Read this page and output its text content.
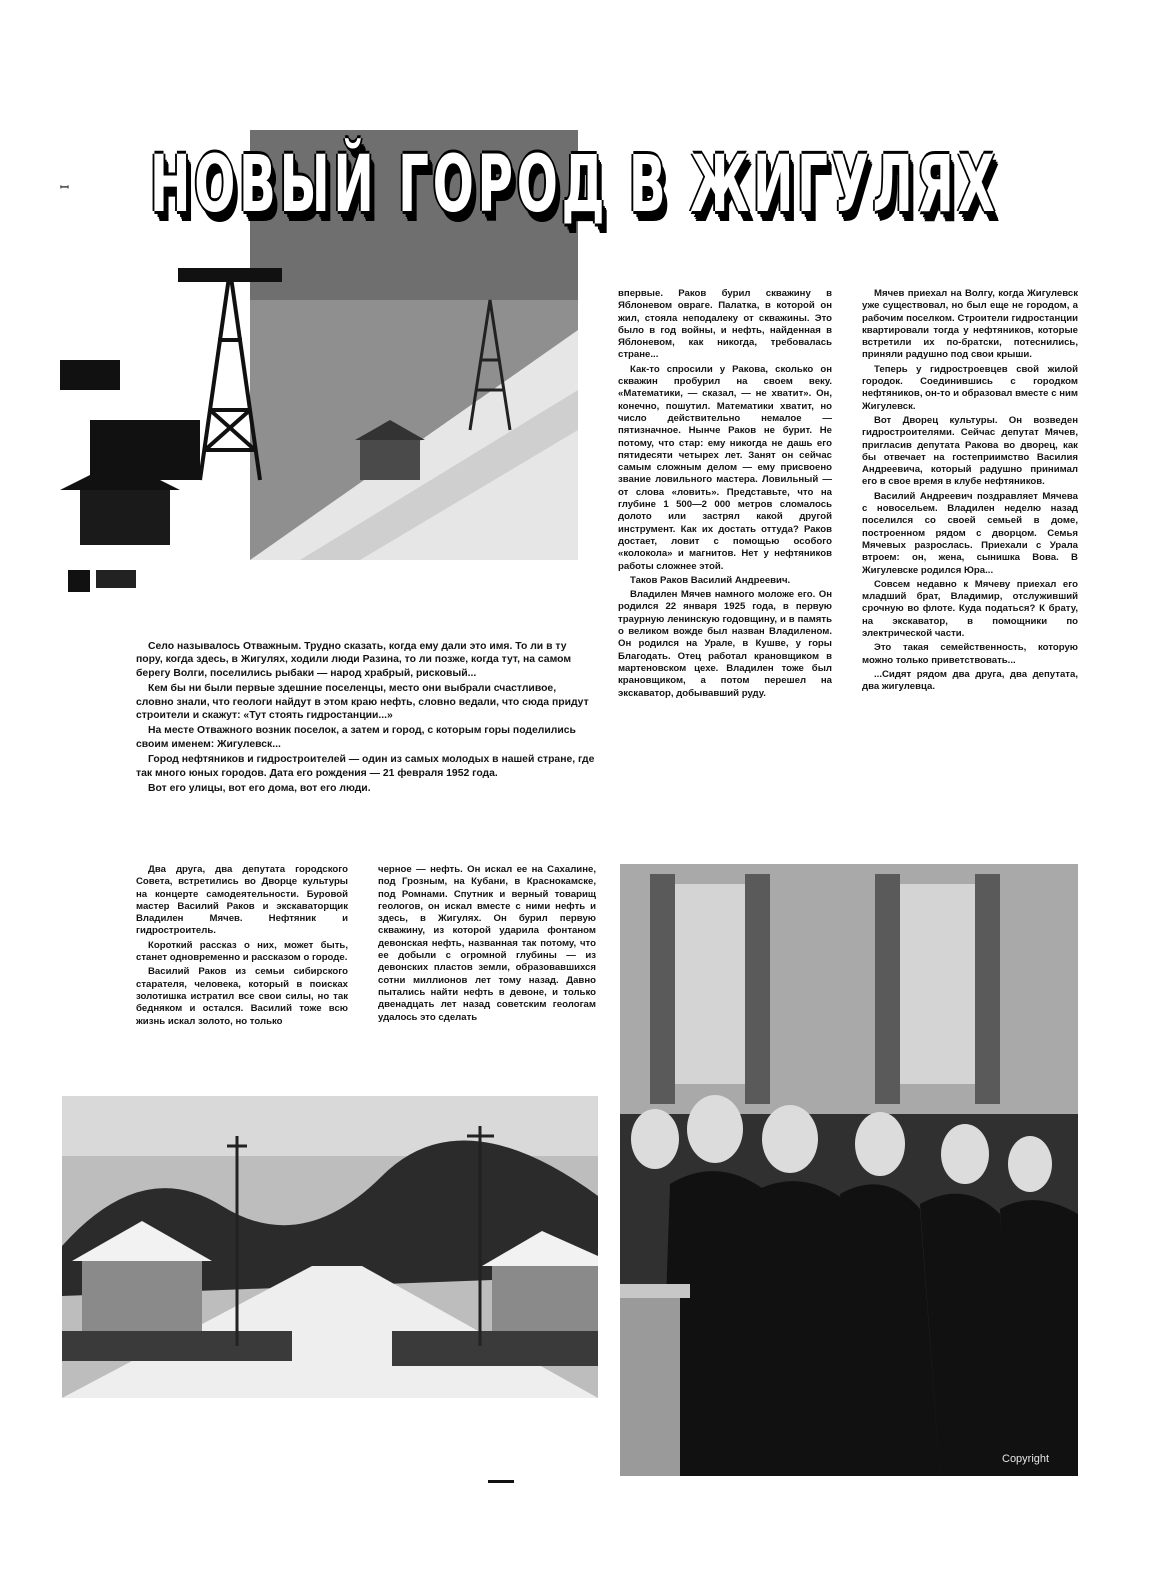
ꟷ НОВЫЙ ГОРОД В ЖИГУЛЯХ

Село называлось Отважным. Трудно сказать, когда ему дали это имя. То ли в ту пору, когда здесь, в Жигулях, ходили люди Разина, то ли позже, когда тут, на самом берегу Волги, поселились рыбаки — народ храбрый, рисковый...

Кем бы ни были первые здешние поселенцы, место они выбрали счастливое, словно знали, что геологи найдут в этом краю нефть, словно ведали, что сюда придут строители и скажут: «Тут стоять гидростанции...»

На месте Отважного возник поселок, а затем и город, с которым горы поделились своим именем: Жигулевск...

Город нефтяников и гидростроителей — один из самых молодых в нашей стране, где так много юных городов. Дата его рождения — 21 февраля 1952 года.

Вот его улицы, вот его дома, вот его люди.

впервые. Раков бурил скважину в Яблоневом овраге. Палатка, в которой он жил, стояла неподалеку от скважины. Это было в год войны, и нефть, найденная в Яблоневом, как никогда, требовалась стране...

Как-то спросили у Ракова, сколько он скважин пробурил на своем веку. «Математики, — сказал, — не хватит». Он, конечно, пошутил. Математики хватит, но число действительно немалое — пятизначное. Нынче Раков не бурит. Не потому, что стар: ему никогда не дашь его пятидесяти четырех лет. Занят он сейчас самым сложным делом — ему присвоено звание ловильного мастера. Ловильный — от слова «ловить». Представьте, что на глубине 1 500—2 000 метров сломалось долото или застрял какой другой инструмент. Как их достать оттуда? Раков достает, ловит с помощью особого «колокола» и магнитов. Нет у нефтяников работы сложнее этой.

Таков Раков Василий Андреевич.

Владилен Мячев намного моложе его. Он родился 22 января 1925 года, в первую траурную ленинскую годовщину, и в память о великом вожде был назван Владиленом. Он родился на Урале, в Кушве, у горы Благодать. Отец работал крановщиком в мартеновском цехе. Владилен тоже был крановщиком, а потом перешел на экскаватор, добывавший руду.

Мячев приехал на Волгу, когда Жигулевск уже существовал, но был еще не городом, а рабочим поселком. Строители гидростанции квартировали тогда у нефтяников, которые встретили их по-братски, потеснились, приняли радушно под свои крыши.

Теперь у гидростроевцев свой жилой городок. Соединившись с городком нефтяников, он-то и образовал вместе с ним Жигулевск.

Вот Дворец культуры. Он возведен гидростроителями. Сейчас депутат Мячев, пригласив депутата Ракова во дворец, как бы отвечает на гостеприимство Василия Андреевича, который радушно принимал его в свое время в клубе нефтяников.

Василий Андреевич поздравляет Мячева с новосельем. Владилен неделю назад поселился со своей семьей в доме, построенном рядом с дворцом. Семья Мячевых разрослась. Приехали с Урала втроем: он, жена, сынишка Вова. В Жигулевске родился Юра...

Совсем недавно к Мячеву приехал его младший брат, Владимир, отслуживший срочную во флоте. Куда податься? К брату, на экскаватор, в помощники по электрической части.

Это такая семейственность, которую можно только приветствовать...

...Сидят рядом два друга, два депутата, два жигулевца.

Два друга, два депутата городского Совета, встретились во Дворце культуры на концерте самодеятельности. Буровой мастер Василий Раков и экскаваторщик Владилен Мячев. Нефтяник и гидростроитель.

Короткий рассказ о них, может быть, станет одновременно и рассказом о городе.

Василий Раков из семьи сибирского старателя, человека, который в поисках золотишка истратил все свои силы, но так бедняком и остался. Василий тоже всю жизнь искал золото, но только

черное — нефть. Он искал ее на Сахалине, под Грозным, на Кубани, в Краснокамске, под Ромнами. Спутник и верный товарищ геологов, он искал вместе с ними нефть и здесь, в Жигулях. Он бурил первую скважину, из которой ударила фонтаном девонская нефть, названная так потому, что ее добыли с огромной глубины — из девонских пластов земли, образовавшихся сотни миллионов лет тому назад. Давно пытались найти нефть в девоне, и только двенадцать лет назад советским геологам удалось это сделать

Copyright
